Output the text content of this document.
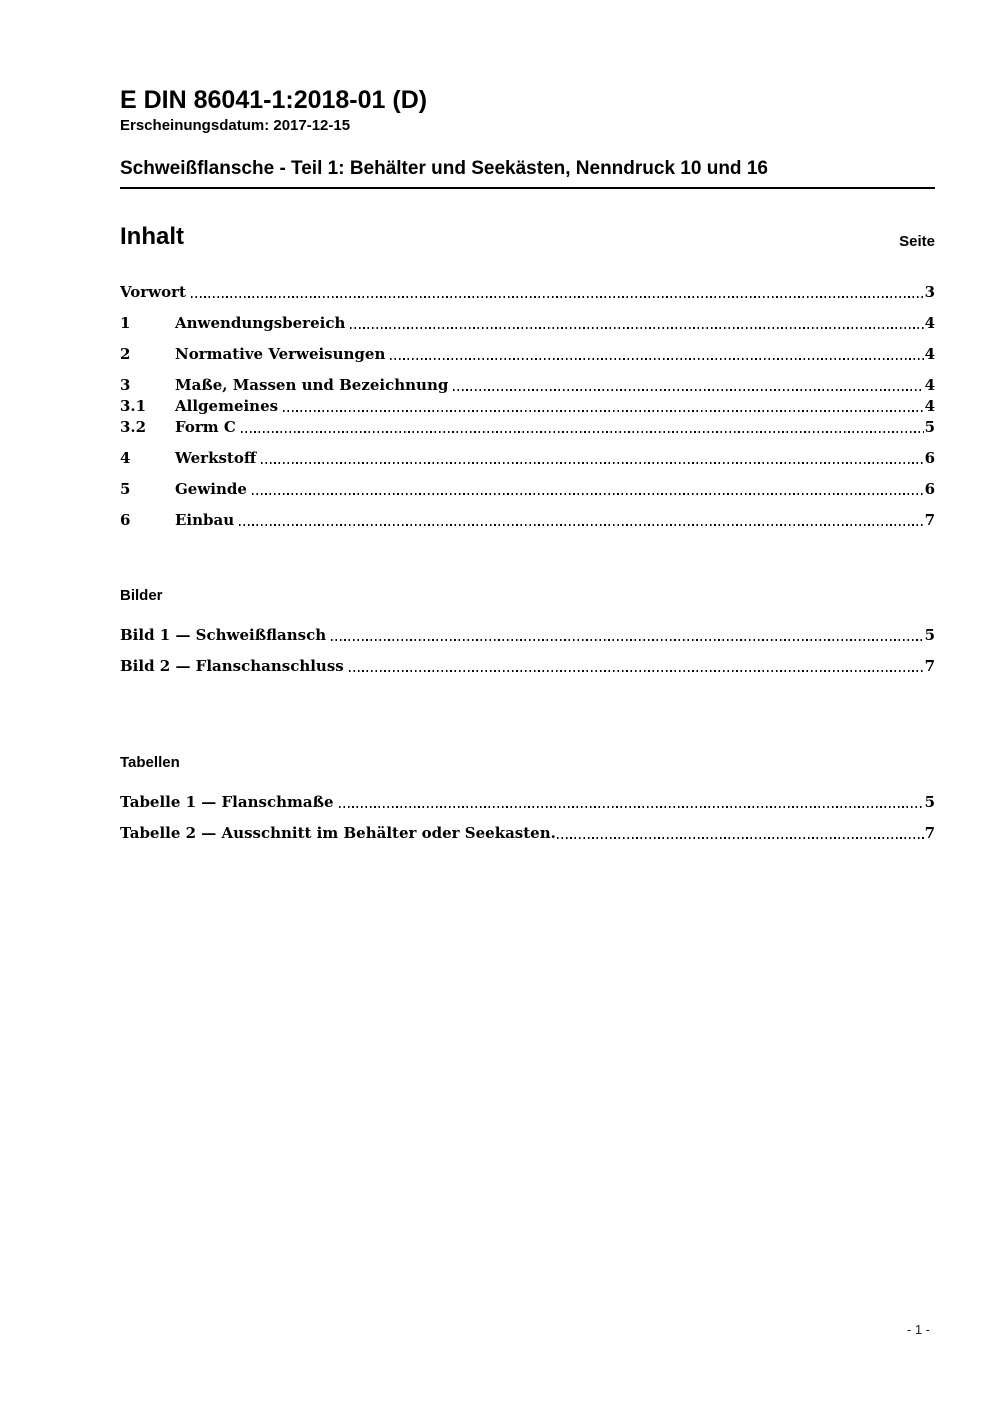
E DIN 86041-1:2018-01 (D)
Erscheinungsdatum: 2017-12-15
Schweißflansche - Teil 1: Behälter und Seekästen, Nenndruck 10 und 16
Inhalt	Seite
Vorwort	3
1	Anwendungsbereich	4
2	Normative Verweisungen	4
3	Maße, Massen und Bezeichnung	4
3.1	Allgemeines	4
3.2	Form C	5
4	Werkstoff	6
5	Gewinde	6
6	Einbau	7
Bilder
Bild 1 — Schweißflansch	5
Bild 2 — Flanschanschluss	7
Tabellen
Tabelle 1 — Flanschmaße	5
Tabelle 2 — Ausschnitt im Behälter oder Seekasten.	7
- 1 -
